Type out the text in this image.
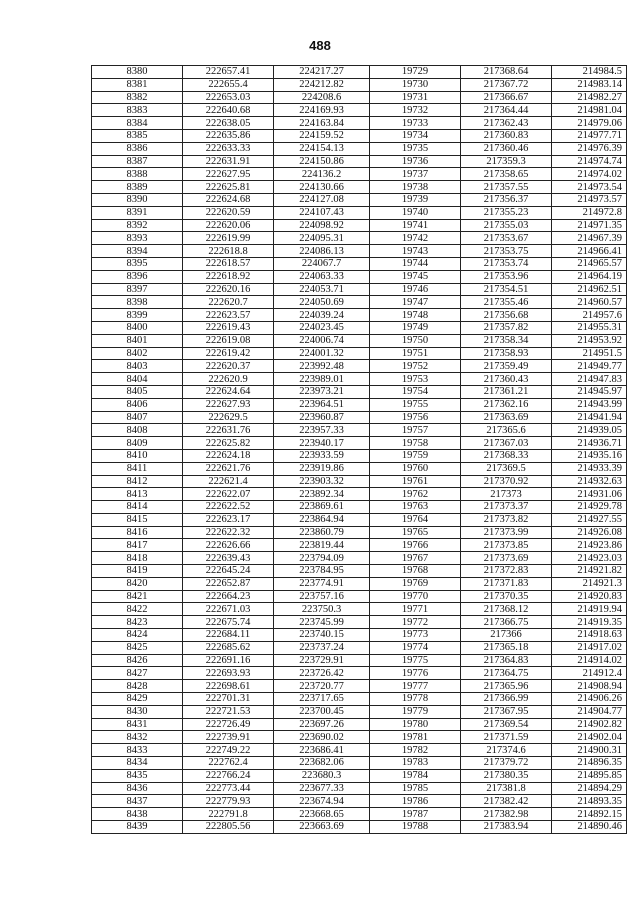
488
8380	222657.41	224217.27	19729	217368.64	214984.5
8381	222655.4	224212.82	19730	217367.72	214983.14
8382	222653.03	224208.6	19731	217366.67	214982.27
8383	222640.68	224169.93	19732	217364.44	214981.04
8384	222638.05	224163.84	19733	217362.43	214979.06
8385	222635.86	224159.52	19734	217360.83	214977.71
8386	222633.33	224154.13	19735	217360.46	214976.39
8387	222631.91	224150.86	19736	217359.3	214974.74
8388	222627.95	224136.2	19737	217358.65	214974.02
8389	222625.81	224130.66	19738	217357.55	214973.54
8390	222624.68	224127.08	19739	217356.37	214973.57
8391	222620.59	224107.43	19740	217355.23	214972.8
8392	222620.06	224098.92	19741	217355.03	214971.35
8393	222619.99	224095.31	19742	217353.67	214967.39
8394	222618.8	224086.13	19743	217353.75	214966.41
8395	222618.57	224067.7	19744	217353.74	214965.57
8396	222618.92	224063.33	19745	217353.96	214964.19
8397	222620.16	224053.71	19746	217354.51	214962.51
8398	222620.7	224050.69	19747	217355.46	214960.57
8399	222623.57	224039.24	19748	217356.68	214957.6
8400	222619.43	224023.45	19749	217357.82	214955.31
8401	222619.08	224006.74	19750	217358.34	214953.92
8402	222619.42	224001.32	19751	217358.93	214951.5
8403	222620.37	223992.48	19752	217359.49	214949.77
8404	222620.9	223989.01	19753	217360.43	214947.83
8405	222624.64	223973.21	19754	217361.21	214945.97
8406	222627.93	223964.51	19755	217362.16	214943.99
8407	222629.5	223960.87	19756	217363.69	214941.94
8408	222631.76	223957.33	19757	217365.6	214939.05
8409	222625.82	223940.17	19758	217367.03	214936.71
8410	222624.18	223933.59	19759	217368.33	214935.16
8411	222621.76	223919.86	19760	217369.5	214933.39
8412	222621.4	223903.32	19761	217370.92	214932.63
8413	222622.07	223892.34	19762	217373	214931.06
8414	222622.52	223869.61	19763	217373.37	214929.78
8415	222623.17	223864.94	19764	217373.82	214927.55
8416	222622.32	223860.79	19765	217373.99	214926.08
8417	222626.66	223819.44	19766	217373.85	214923.86
8418	222639.43	223794.09	19767	217373.69	214923.03
8419	222645.24	223784.95	19768	217372.83	214921.82
8420	222652.87	223774.91	19769	217371.83	214921.3
8421	222664.23	223757.16	19770	217370.35	214920.83
8422	222671.03	223750.3	19771	217368.12	214919.94
8423	222675.74	223745.99	19772	217366.75	214919.35
8424	222684.11	223740.15	19773	217366	214918.63
8425	222685.62	223737.24	19774	217365.18	214917.02
8426	222691.16	223729.91	19775	217364.83	214914.02
8427	222693.93	223726.42	19776	217364.75	214912.4
8428	222698.61	223720.77	19777	217365.96	214908.94
8429	222701.31	223717.65	19778	217366.99	214906.26
8430	222721.53	223700.45	19779	217367.95	214904.77
8431	222726.49	223697.26	19780	217369.54	214902.82
8432	222739.91	223690.02	19781	217371.59	214902.04
8433	222749.22	223686.41	19782	217374.6	214900.31
8434	222762.4	223682.06	19783	217379.72	214896.35
8435	222766.24	223680.3	19784	217380.35	214895.85
8436	222773.44	223677.33	19785	217381.8	214894.29
8437	222779.93	223674.94	19786	217382.42	214893.35
8438	222791.8	223668.65	19787	217382.98	214892.15
8439	222805.56	223663.69	19788	217383.94	214890.46
